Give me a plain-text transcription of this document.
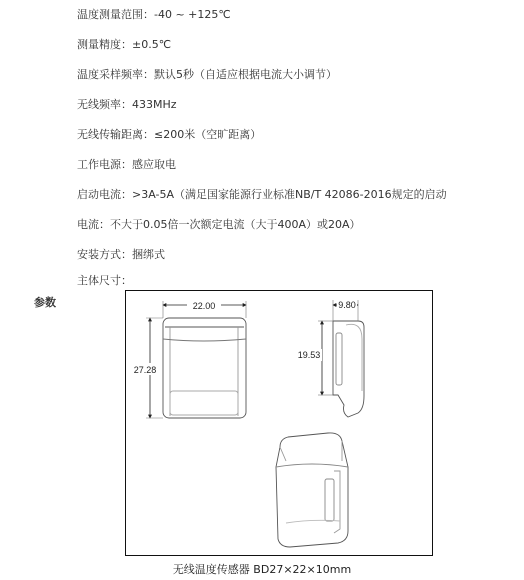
温度测量范围：-40 ~ +125℃
测量精度：±0.5℃
温度采样频率：默认5秒（自适应根据电流大小调节）
无线频率：433MHz
无线传输距离：≤200米（空旷距离）
工作电源：感应取电
启动电流：>3A-5A（满足国家能源行业标准NB/T 42086-2016规定的启动
电流：不大于0.05倍一次额定电流（大于400A）或20A）
安装方式：捆绑式
主体尺寸：
参数	22.00
27.28
9.80
19.53
无线温度传感器 BD27×22×10mm
